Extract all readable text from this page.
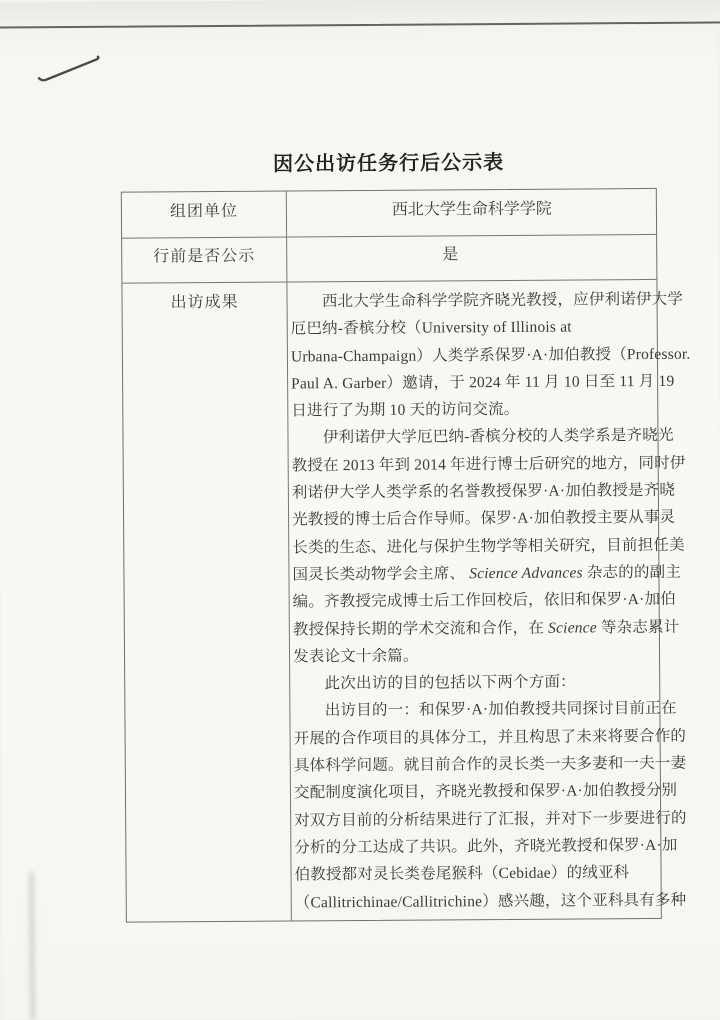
因公出访任务行后公示表
组团单位	西北大学生命科学学院
行前是否公示	是
出访成果	　　西北大学生命科学学院齐晓光教授，应伊利诺伊大学
厄巴纳-香槟分校（University of Illinois at
Urbana-Champaign）人类学系保罗·A·加伯教授（Professor.
Paul A. Garber）邀请，于 2024 年 11 月 10 日至 11 月 19
日进行了为期 10 天的访问交流。
　　伊利诺伊大学厄巴纳-香槟分校的人类学系是齐晓光
教授在 2013 年到 2014 年进行博士后研究的地方，同时伊
利诺伊大学人类学系的名誉教授保罗·A·加伯教授是齐晓
光教授的博士后合作导师。保罗·A·加伯教授主要从事灵
长类的生态、进化与保护生物学等相关研究，目前担任美
国灵长类动物学会主席、 Science Advances 杂志的的副主
编。齐教授完成博士后工作回校后，依旧和保罗·A·加伯
教授保持长期的学术交流和合作，在 Science 等杂志累计
发表论文十余篇。
　　此次出访的目的包括以下两个方面：
　　出访目的一：和保罗·A·加伯教授共同探讨目前正在
开展的合作项目的具体分工，并且构思了未来将要合作的
具体科学问题。就目前合作的灵长类一夫多妻和一夫一妻
交配制度演化项目，齐晓光教授和保罗·A·加伯教授分别
对双方目前的分析结果进行了汇报，并对下一步要进行的
分析的分工达成了共识。此外，齐晓光教授和保罗·A·加
伯教授都对灵长类卷尾猴科（Cebidae）的绒亚科
（Callitrichinae/Callitrichine）感兴趣，这个亚科具有多种
